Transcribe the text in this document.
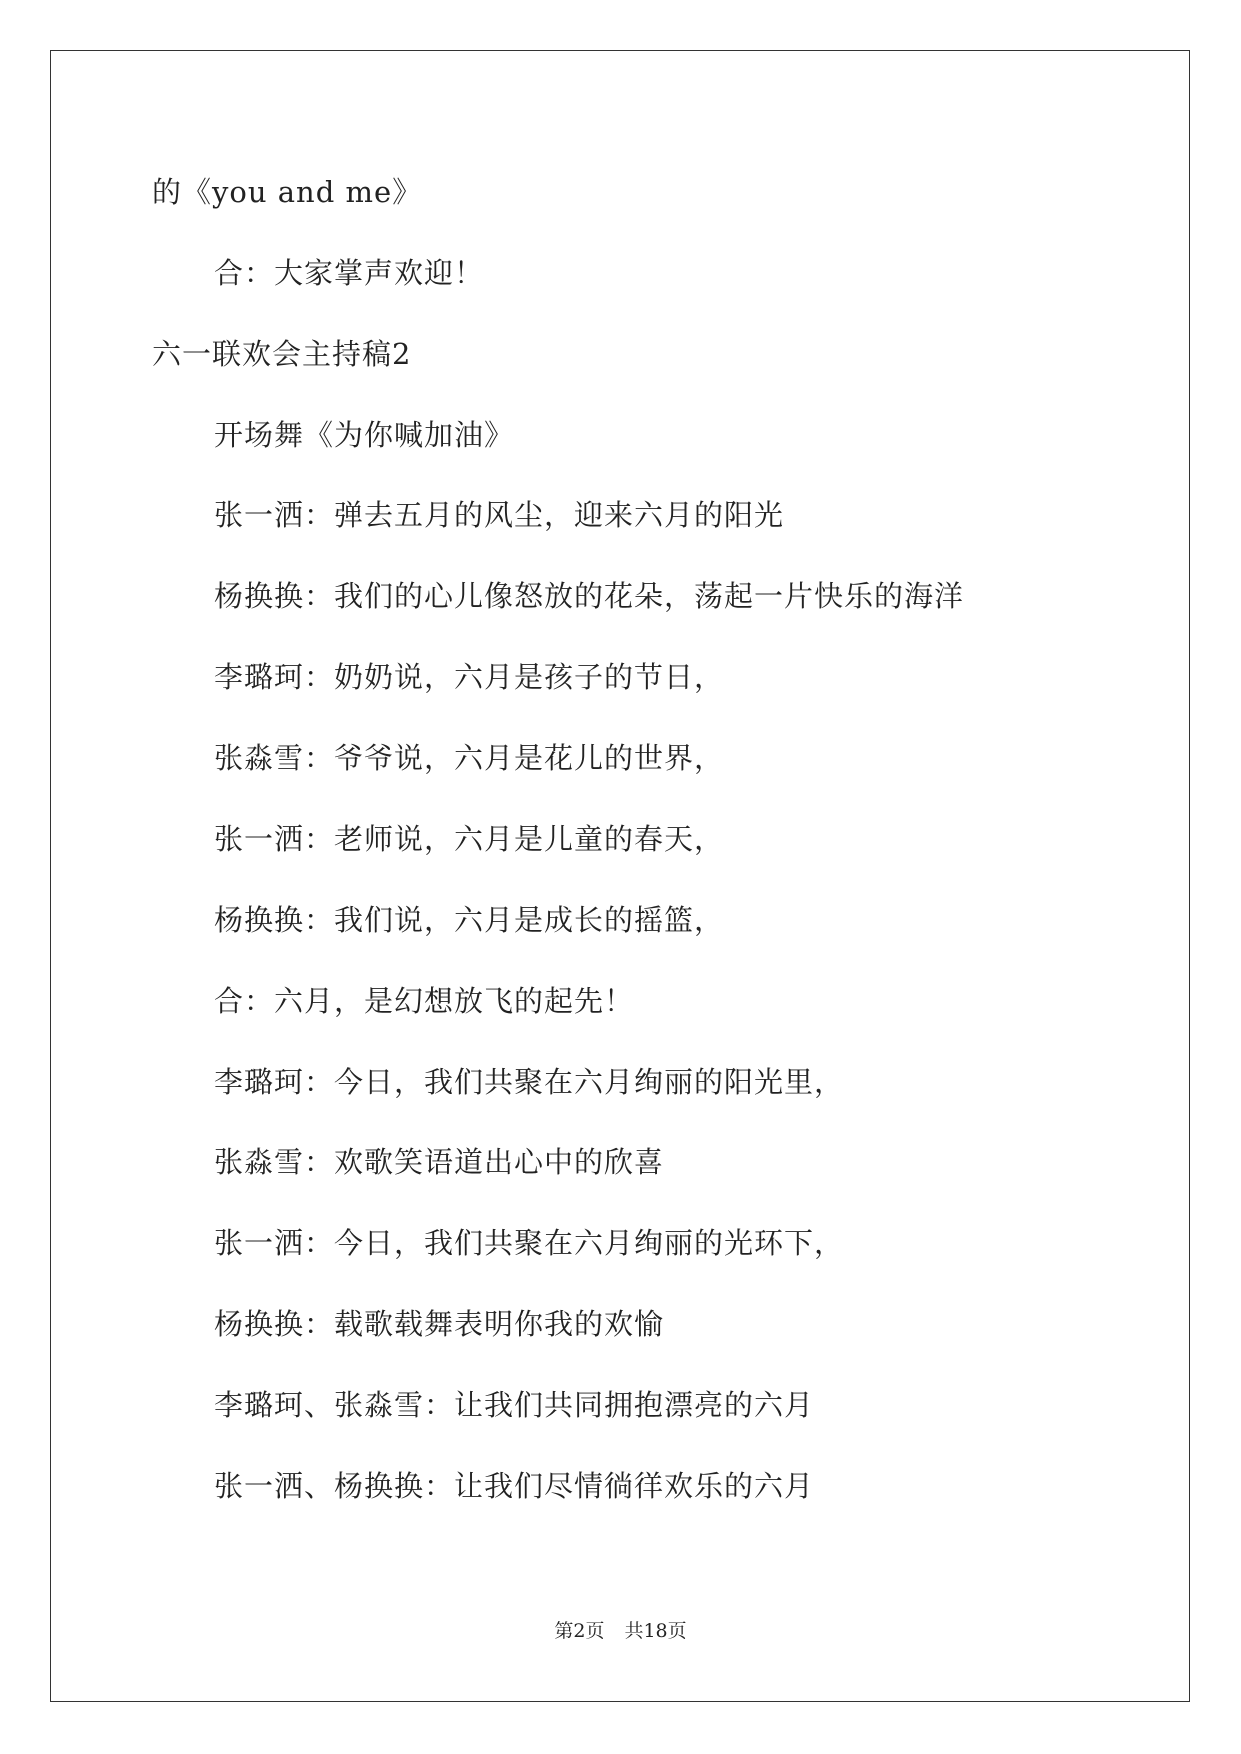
的《you and me》
合：大家掌声欢迎！
六一联欢会主持稿2
开场舞《为你喊加油》
张一洒：弹去五月的风尘，迎来六月的阳光
杨换换：我们的心儿像怒放的花朵，荡起一片快乐的海洋
李璐珂：奶奶说，六月是孩子的节日，
张淼雪：爷爷说，六月是花儿的世界，
张一洒：老师说，六月是儿童的春天，
杨换换：我们说，六月是成长的摇篮，
合：六月，是幻想放飞的起先！
李璐珂：今日，我们共聚在六月绚丽的阳光里，
张淼雪：欢歌笑语道出心中的欣喜
张一洒：今日，我们共聚在六月绚丽的光环下，
杨换换：载歌载舞表明你我的欢愉
李璐珂、张淼雪：让我们共同拥抱漂亮的六月
张一洒、杨换换：让我们尽情徜徉欢乐的六月
第2页 共18页
